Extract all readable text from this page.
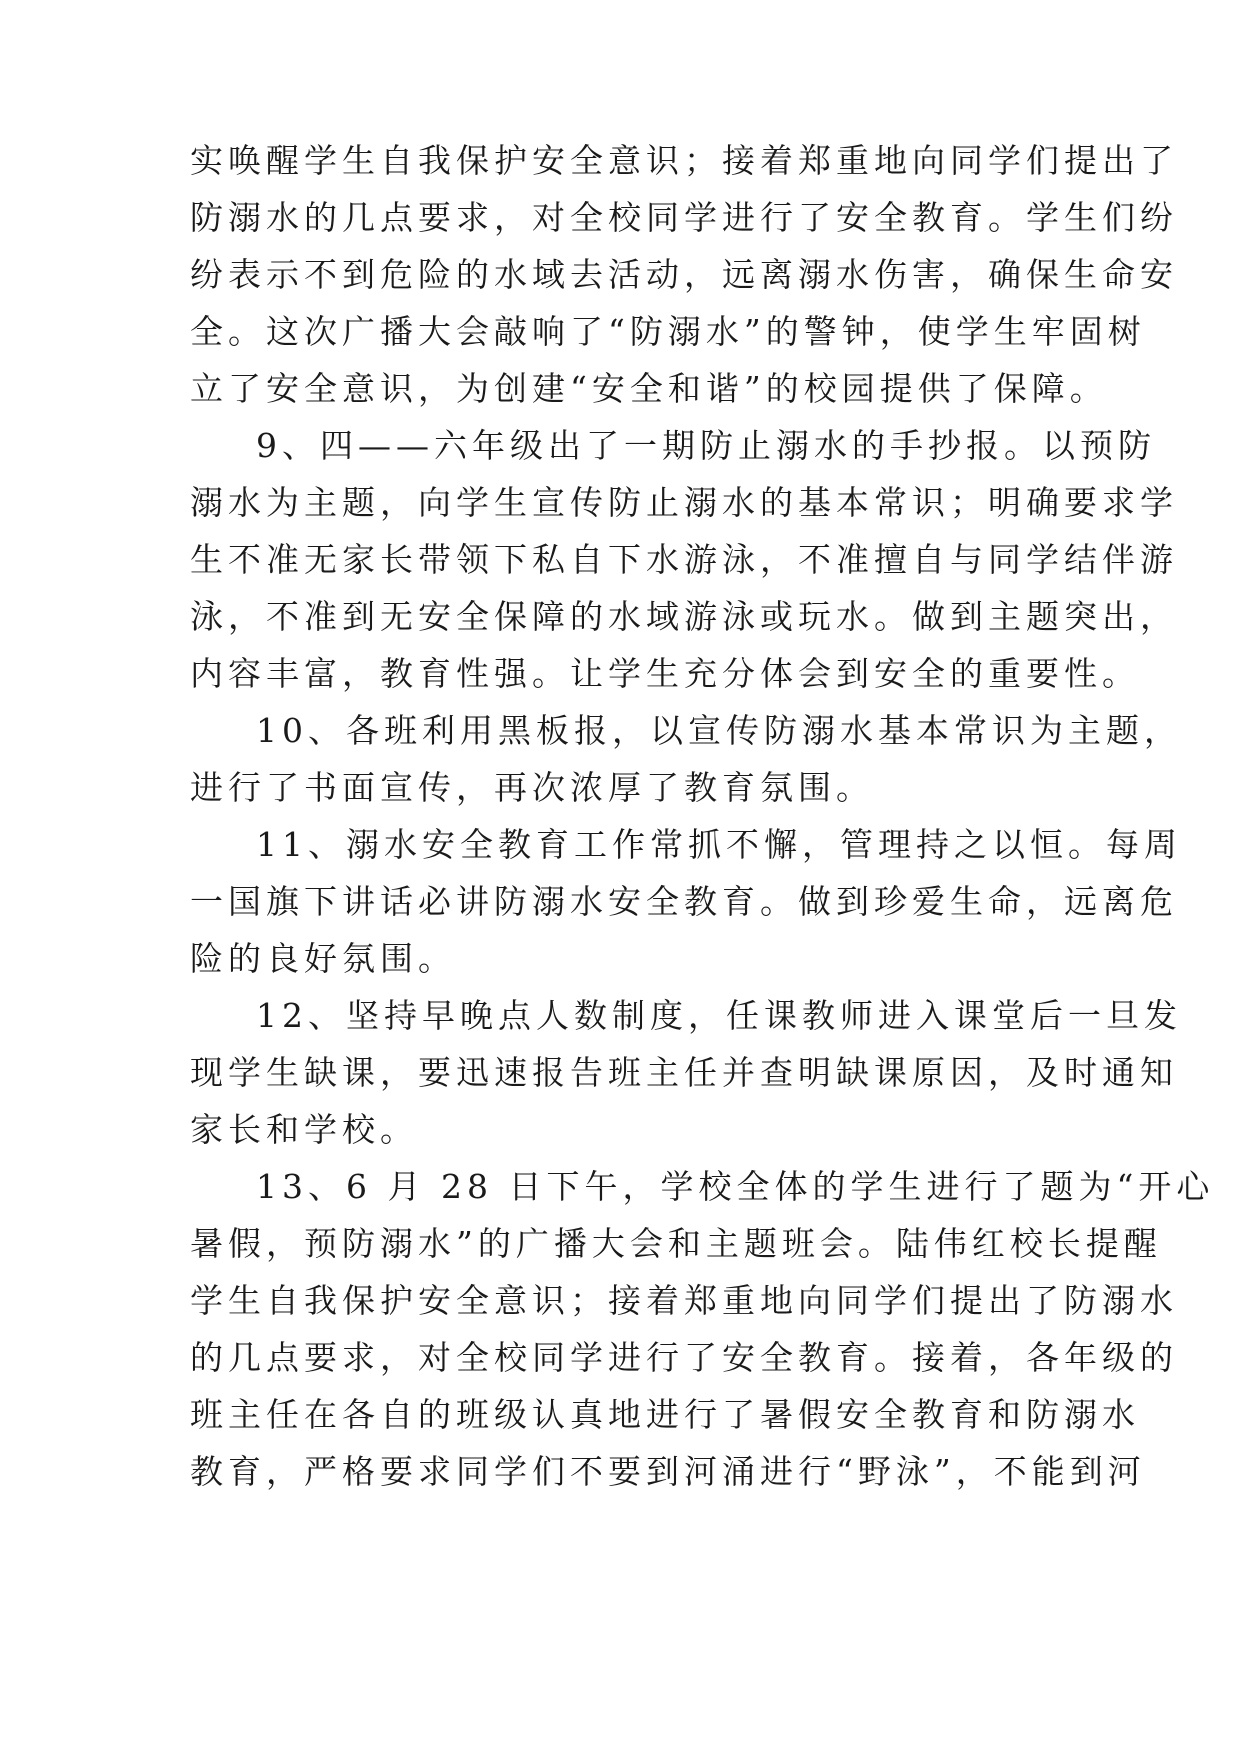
实唤醒学生自我保护安全意识；接着郑重地向同学们提出了
防溺水的几点要求，对全校同学进行了安全教育。学生们纷
纷表示不到危险的水域去活动，远离溺水伤害，确保生命安
全。这次广播大会敲响了“防溺水”的警钟，使学生牢固树
立了安全意识，为创建“安全和谐”的校园提供了保障。
9、四——六年级出了一期防止溺水的手抄报。以预防
溺水为主题，向学生宣传防止溺水的基本常识；明确要求学
生不准无家长带领下私自下水游泳，不准擅自与同学结伴游
泳，不准到无安全保障的水域游泳或玩水。做到主题突出，
内容丰富，教育性强。让学生充分体会到安全的重要性。
10、各班利用黑板报，以宣传防溺水基本常识为主题，
进行了书面宣传，再次浓厚了教育氛围。
11、溺水安全教育工作常抓不懈，管理持之以恒。每周
一国旗下讲话必讲防溺水安全教育。做到珍爱生命，远离危
险的良好氛围。
12、坚持早晚点人数制度，任课教师进入课堂后一旦发
现学生缺课，要迅速报告班主任并查明缺课原因，及时通知
家长和学校。
13、6 月 28 日下午，学校全体的学生进行了题为“开心
暑假，预防溺水”的广播大会和主题班会。陆伟红校长提醒
学生自我保护安全意识；接着郑重地向同学们提出了防溺水
的几点要求，对全校同学进行了安全教育。接着，各年级的
班主任在各自的班级认真地进行了暑假安全教育和防溺水
教育，严格要求同学们不要到河涌进行“野泳”，不能到河
